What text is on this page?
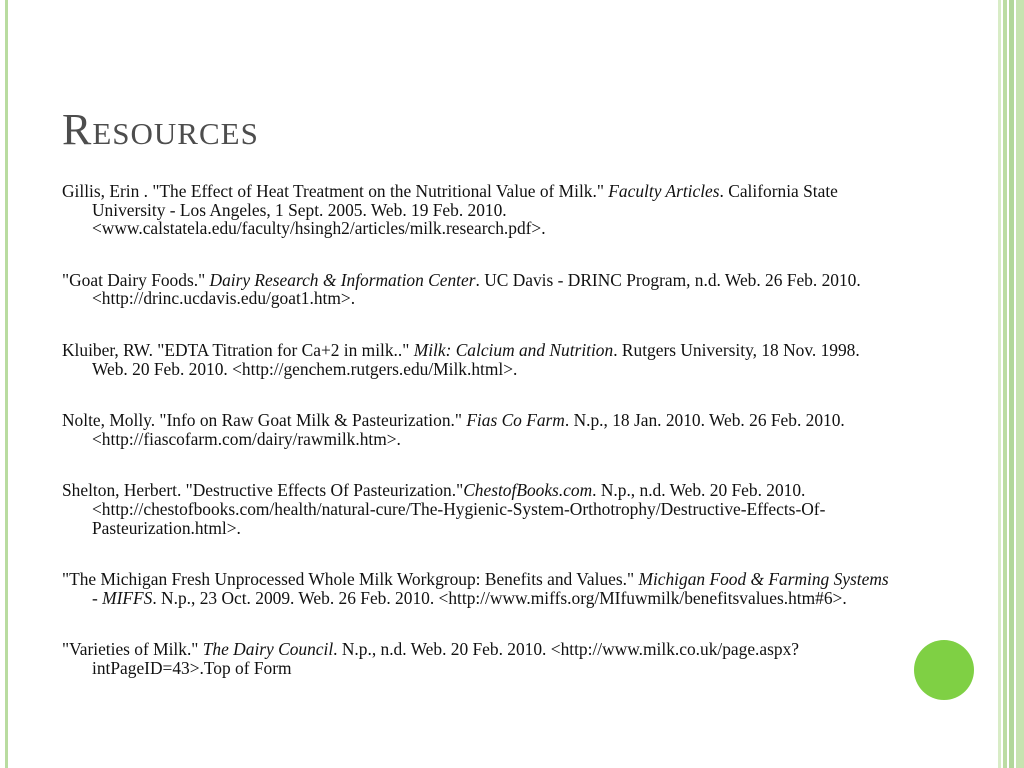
Resources
Gillis, Erin . "The Effect of Heat Treatment on the Nutritional Value of Milk." Faculty Articles. California State University - Los Angeles, 1 Sept. 2005. Web. 19 Feb. 2010. <www.calstatela.edu/faculty/hsingh2/articles/milk.research.pdf>.
"Goat Dairy Foods." Dairy Research & Information Center. UC Davis - DRINC Program, n.d. Web. 26 Feb. 2010. <http://drinc.ucdavis.edu/goat1.htm>.
Kluiber, RW. "EDTA Titration for Ca+2 in milk.." Milk: Calcium and Nutrition. Rutgers University, 18 Nov. 1998. Web. 20 Feb. 2010. <http://genchem.rutgers.edu/Milk.html>.
Nolte, Molly. "Info on Raw Goat Milk & Pasteurization." Fias Co Farm. N.p., 18 Jan. 2010. Web. 26 Feb. 2010. <http://fiascofarm.com/dairy/rawmilk.htm>.
Shelton, Herbert. "Destructive Effects Of Pasteurization."ChestofBooks.com. N.p., n.d. Web. 20 Feb. 2010. <http://chestofbooks.com/health/natural-cure/The-Hygienic-System-Orthotrophy/Destructive-Effects-Of-Pasteurization.html>.
"The Michigan Fresh Unprocessed Whole Milk Workgroup: Benefits and Values." Michigan Food & Farming Systems - MIFFS. N.p., 23 Oct. 2009. Web. 26 Feb. 2010. <http://www.miffs.org/MIfuwmilk/benefitsvalues.htm#6>.
"Varieties of Milk." The Dairy Council. N.p., n.d. Web. 20 Feb. 2010. <http://www.milk.co.uk/page.aspx?intPageID=43>.Top of Form
